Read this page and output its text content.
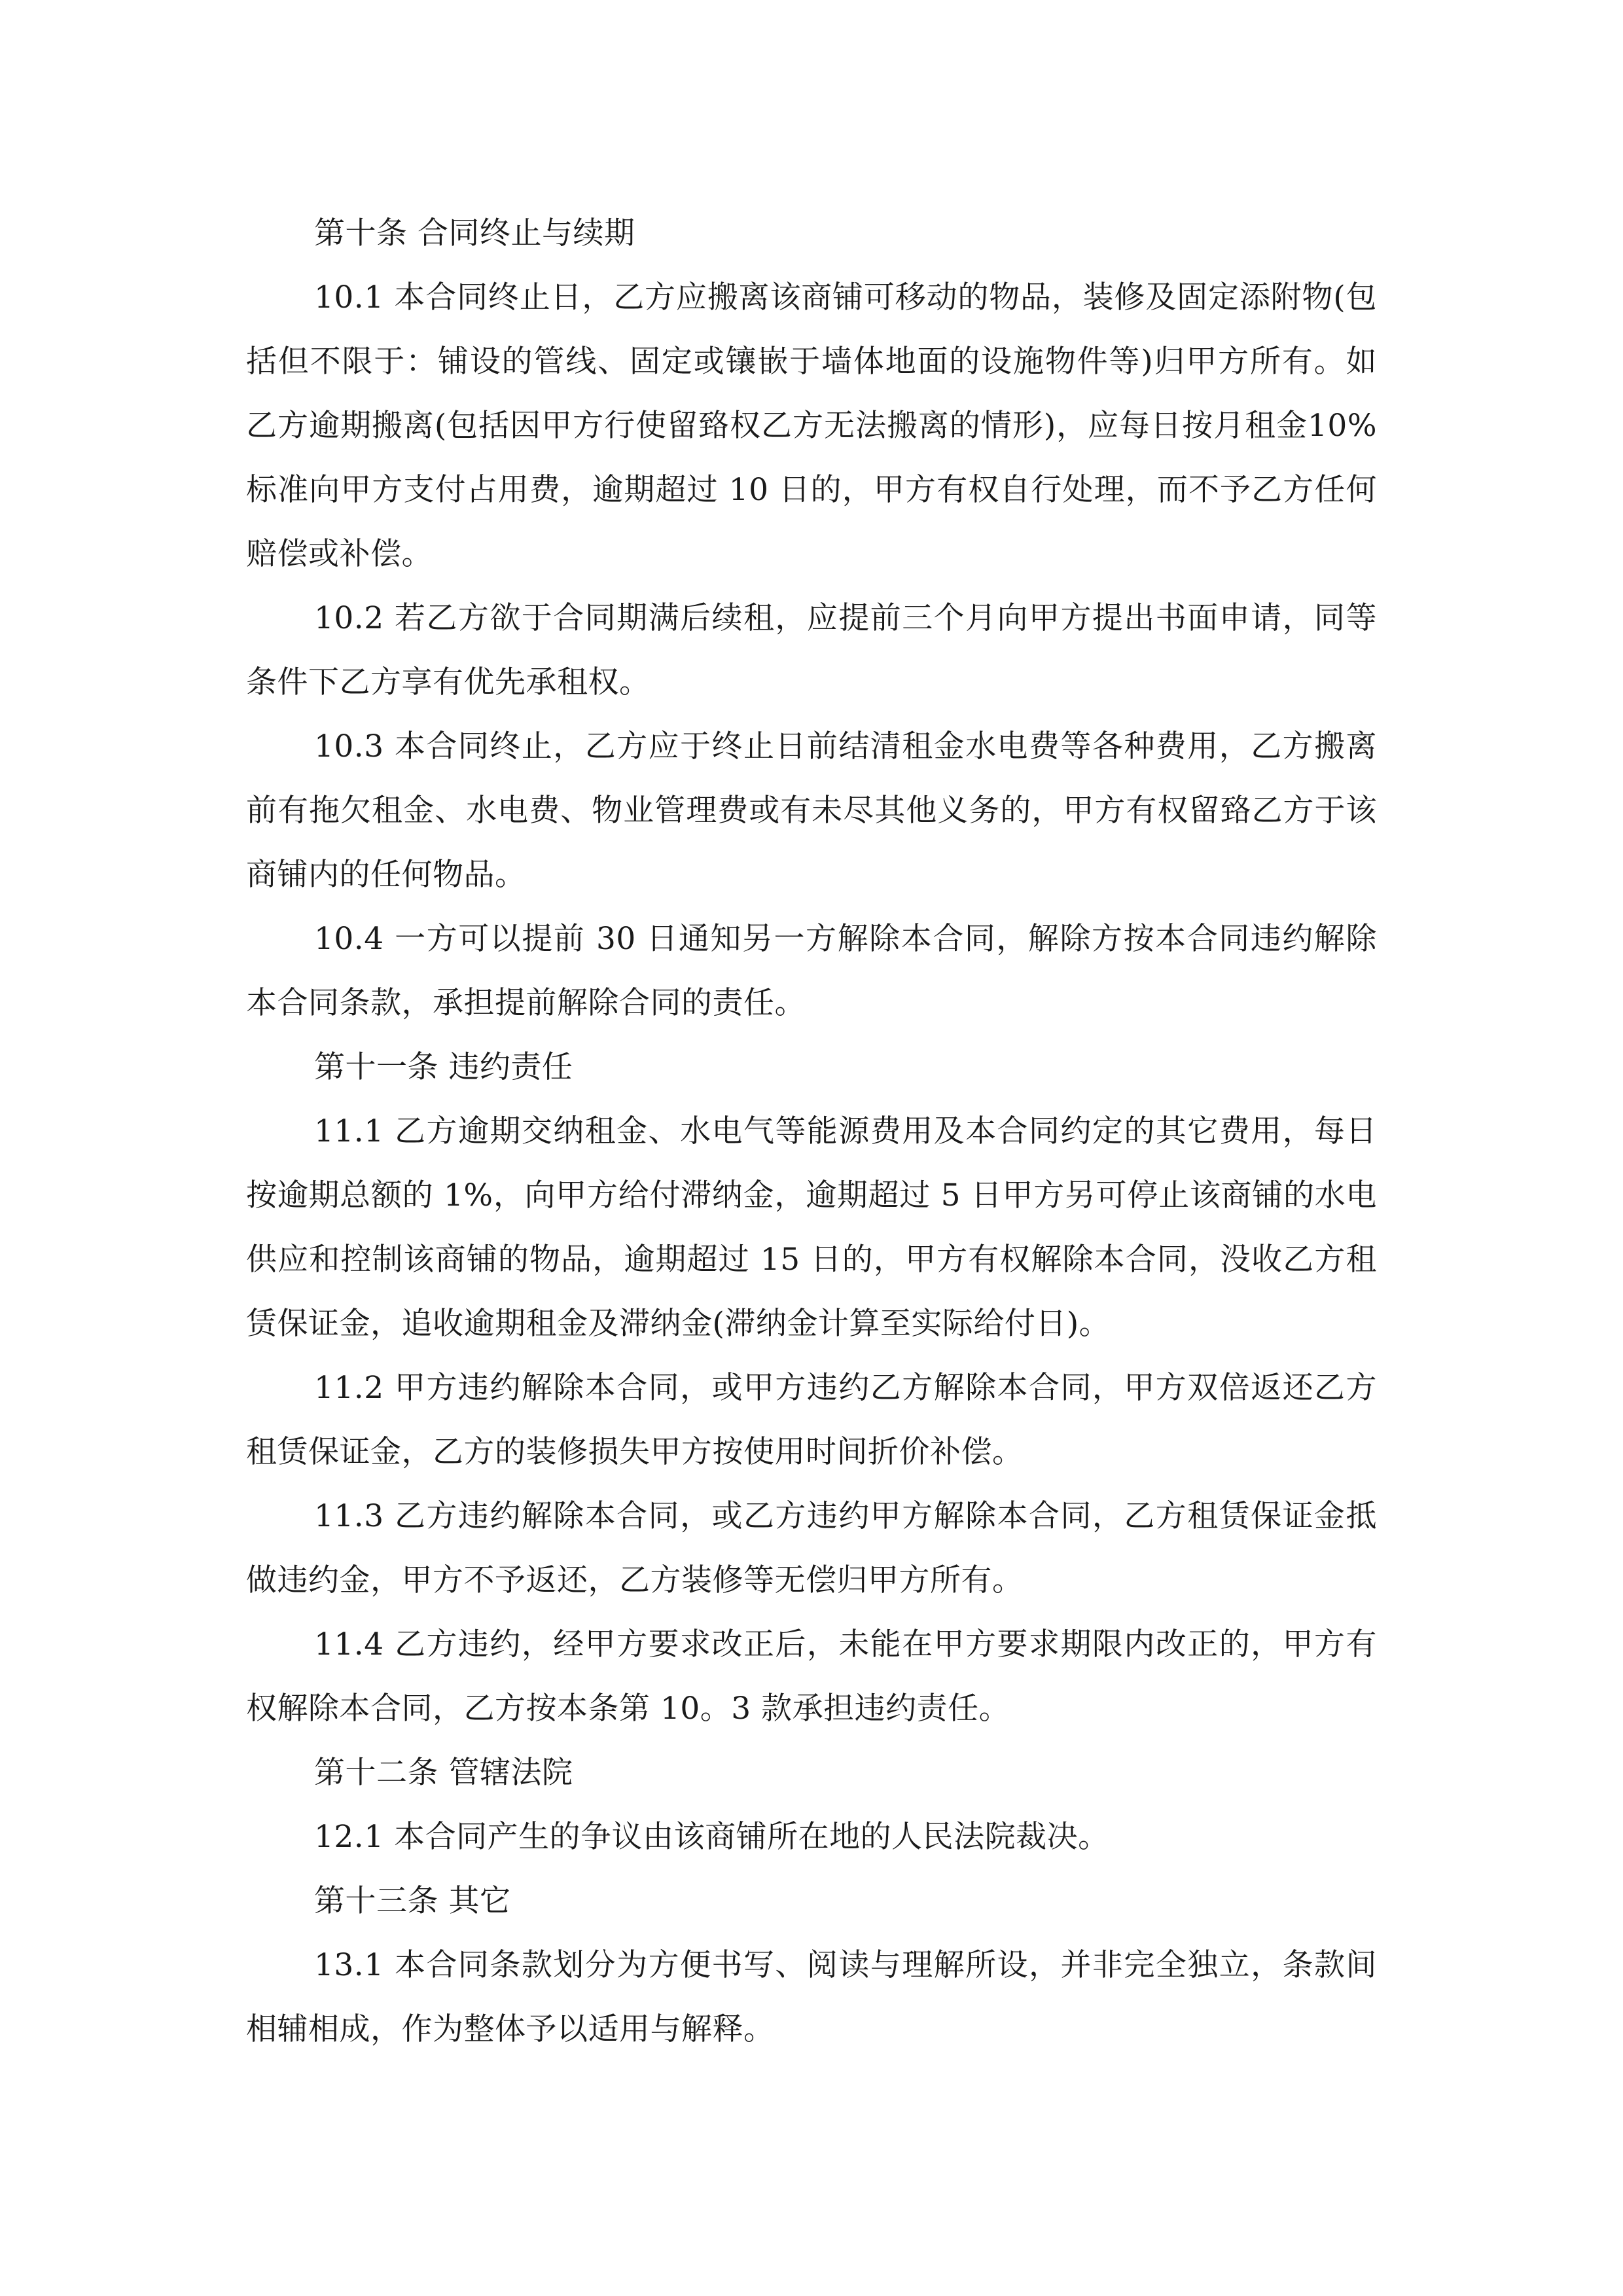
第十条 合同终止与续期

10.1 本合同终止日，乙方应搬离该商铺可移动的物品，装修及固定添附物(包括但不限于：铺设的管线、固定或镶嵌于墙体地面的设施物件等)归甲方所有。如乙方逾期搬离(包括因甲方行使留臵权乙方无法搬离的情形)，应每日按月租金10%标准向甲方支付占用费，逾期超过 10 日的，甲方有权自行处理，而不予乙方任何赔偿或补偿。

10.2 若乙方欲于合同期满后续租，应提前三个月向甲方提出书面申请，同等条件下乙方享有优先承租权。

10.3 本合同终止，乙方应于终止日前结清租金水电费等各种费用，乙方搬离前有拖欠租金、水电费、物业管理费或有未尽其他义务的，甲方有权留臵乙方于该商铺内的任何物品。

10.4 一方可以提前 30 日通知另一方解除本合同，解除方按本合同违约解除本合同条款，承担提前解除合同的责任。

第十一条 违约责任

11.1 乙方逾期交纳租金、水电气等能源费用及本合同约定的其它费用，每日按逾期总额的 1%，向甲方给付滞纳金，逾期超过 5 日甲方另可停止该商铺的水电供应和控制该商铺的物品，逾期超过 15 日的，甲方有权解除本合同，没收乙方租赁保证金，追收逾期租金及滞纳金(滞纳金计算至实际给付日)。

11.2 甲方违约解除本合同，或甲方违约乙方解除本合同，甲方双倍返还乙方租赁保证金，乙方的装修损失甲方按使用时间折价补偿。

11.3 乙方违约解除本合同，或乙方违约甲方解除本合同，乙方租赁保证金抵做违约金，甲方不予返还，乙方装修等无偿归甲方所有。

11.4 乙方违约，经甲方要求改正后，未能在甲方要求期限内改正的，甲方有权解除本合同，乙方按本条第 10。3 款承担违约责任。

第十二条 管辖法院

12.1 本合同产生的争议由该商铺所在地的人民法院裁决。

第十三条 其它

13.1 本合同条款划分为方便书写、阅读与理解所设，并非完全独立，条款间相辅相成，作为整体予以适用与解释。
